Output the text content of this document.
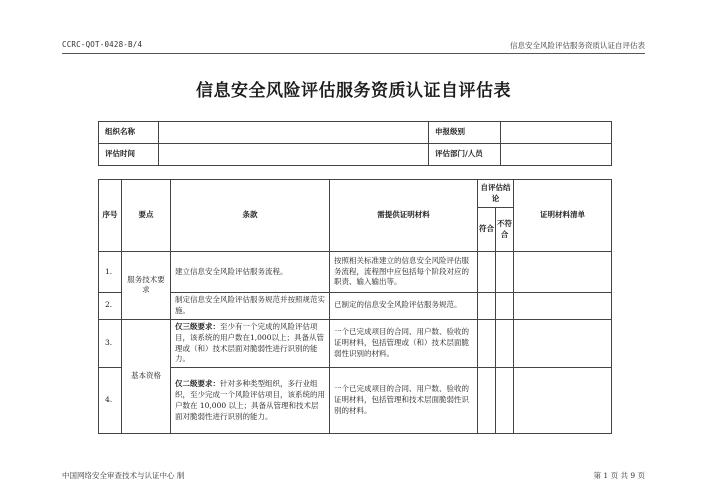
CCRC-QOT-0428-B/4	信息安全风险评估服务资质认证自评估表
信息安全风险评估服务资质认证自评估表
组织名称		申报级别	
评估时间		评估部门/人员	
序号	要点	条款	需提供证明材料	自评估结论		证明材料清单
				符合	不符合	
1.	服务技术要求	建立信息安全风险评估服务流程。	按照相关标准建立的信息安全风险评估服务流程，流程图中应包括每个阶段对应的职责、输入输出等。			
2.		制定信息安全风险评估服务规范并按照规范实施。	已制定的信息安全风险评估服务规范。			
3.	基本资格	仅三级要求：至少有一个完成的风险评估项目，该系统的用户数在1,000以上；具备从管理或（和）技术层面对脆弱性进行识别的能力。	一个已完成项目的合同、用户数、验收的证明材料，包括管理或（和）技术层面脆弱性识别的材料。			
4.		仅二级要求：针对多种类型组织，多行业组织，至少完成一个风险评估项目，该系统的用户数在 10,000 以上；具备从管理和技术层面对脆弱性进行识别的能力。	一个已完成项目的合同、用户数、验收的证明材料，包括管理和技术层面脆弱性识别的材料。			
中国网络安全审查技术与认证中心 制	第 1 页 共 9 页
